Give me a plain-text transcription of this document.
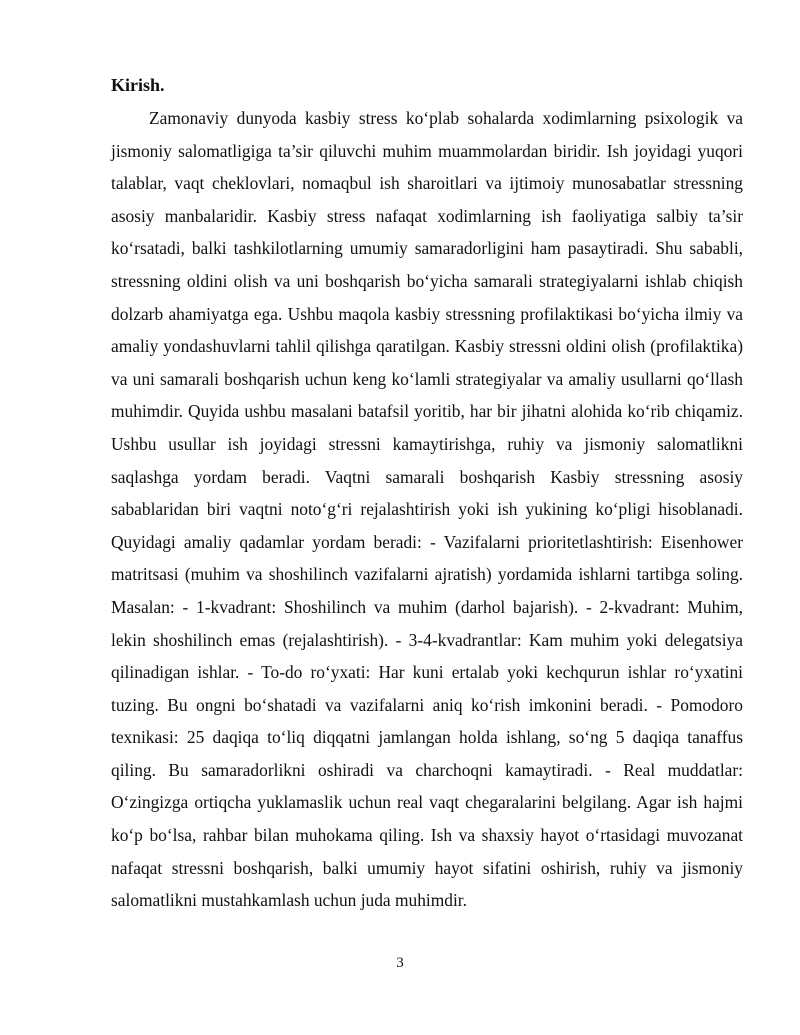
Kirish.

Zamonaviy dunyoda kasbiy stress ko‘plab sohalarda xodimlarning psixologik va jismoniy salomatligiga ta’sir qiluvchi muhim muammolardan biridir. Ish joyidagi yuqori talablar, vaqt cheklovlari, nomaqbul ish sharoitlari va ijtimoiy munosabatlar stressning asosiy manbalaridir. Kasbiy stress nafaqat xodimlarning ish faoliyatiga salbiy ta’sir ko‘rsatadi, balki tashkilotlarning umumiy samaradorligini ham pasaytiradi. Shu sababli, stressning oldini olish va uni boshqarish bo‘yicha samarali strategiyalarni ishlab chiqish dolzarb ahamiyatga ega. Ushbu maqola kasbiy stressning profilaktikasi bo‘yicha ilmiy va amaliy yondashuvlarni tahlil qilishga qaratilgan. Kasbiy stressni oldini olish (profilaktika) va uni samarali boshqarish uchun keng ko‘lamli strategiyalar va amaliy usullarni qo‘llash muhimdir. Quyida ushbu masalani batafsil yoritib, har bir jihatni alohida ko‘rib chiqamiz. Ushbu usullar ish joyidagi stressni kamaytirishga, ruhiy va jismoniy salomatlikni saqlashga yordam beradi. Vaqtni samarali boshqarish Kasbiy stressning asosiy sabablaridan biri vaqtni noto‘g‘ri rejalashtirish yoki ish yukining ko‘pligi hisoblanadi. Quyidagi amaliy qadamlar yordam beradi: - Vazifalarni prioritetlashtirish: Eisenhower matritsasi (muhim va shoshilinch vazifalarni ajratish) yordamida ishlarni tartibga soling. Masalan: - 1-kvadrant: Shoshilinch va muhim (darhol bajarish). - 2-kvadrant: Muhim, lekin shoshilinch emas (rejalashtirish). - 3-4-kvadrantlar: Kam muhim yoki delegatsiya qilinadigan ishlar. - To-do ro‘yxati: Har kuni ertalab yoki kechqurun ishlar ro‘yxatini tuzing. Bu ongni bo‘shatadi va vazifalarni aniq ko‘rish imkonini beradi. - Pomodoro texnikasi: 25 daqiqa to‘liq diqqatni jamlangan holda ishlang, so‘ng 5 daqiqa tanaffus qiling. Bu samaradorlikni oshiradi va charchoqni kamaytiradi. - Real muddatlar: O‘zingizga ortiqcha yuklamaslik uchun real vaqt chegaralarini belgilang. Agar ish hajmi ko‘p bo‘lsa, rahbar bilan muhokama qiling. Ish va shaxsiy hayot o‘rtasidagi muvozanat nafaqat stressni boshqarish, balki umumiy hayot sifatini oshirish, ruhiy va jismoniy salomatlikni mustahkamlash uchun juda muhimdir.

3
